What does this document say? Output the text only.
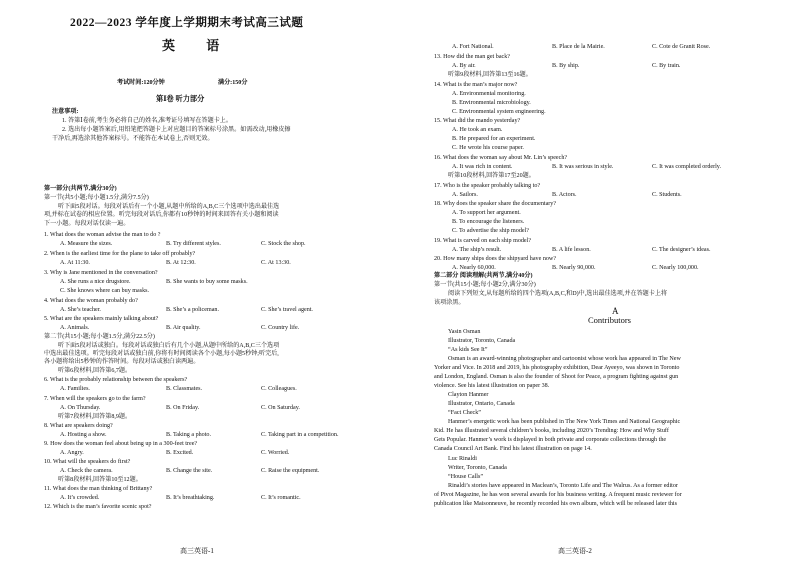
2022—2023 学年度上学期期末考试高三试题
英 语
考试时间:120分钟	满分:150分
第Ⅰ卷 听力部分
注意事项:
1. 答第Ⅰ卷前,考生务必将自己的姓名,准考证号填写在答题卡上。
2. 选出每小题答案后,用铅笔把答题卡上对应题目的答案标号涂黑。如需改动,用橡皮擦
干净后,再选涂其他答案标号。不能答在本试卷上,否则无效。
第一部分(共两节,满分30分)
第一节(共5小题;每小题1.5分,满分7.5分)
听下面5段对话。每段对话后有一个小题,从题中所给的A,B,C三个选项中选出最佳选
项,并标在试卷的相应位置。听完每段对话后,你都有10秒钟的时间来回答有关小题和阅读
下一小题。每段对话仅读一遍。
1. What does the woman advise the man to do ?
A. Measure the sizes.	B. Try different styles.	C. Stock the shop.
2. When is the earliest time for the plane to take off probably?
A. At 11:30.	B. At 12:30.	C. At 13:30.
3. Why is Jane mentioned in the conversation?
A. She runs a nice drugstore.	B. She wants to buy some masks.
C. She knows where can buy masks.
4. What does the woman probably do?
A. She’s teacher.	B. She’s a policeman.	C. She’s travel agent.
5. What are the speakers mainly talking about?
A. Animals.	B. Air quality.	C. Country life.
第二节(共15小题;每小题1.5分,满分22.5分)
听下面5段对话或独白。每段对话或独白后有几个小题,从题中所给的A,B,C三个选项
中选出最佳选项。听完每段对话或独白前,你将有时间阅读各个小题,每小题5秒钟;听完后,
各小题将给出5秒钟的作答时间。每段对话或独白读两遍。
听第6段材料,回答第6,7题。
6. What is the probably relationship between the speakers?
A. Families.	B. Classmates.	C. Colleagues.
7. When will the speakers go to the farm?
A. On Thursday.	B. On Friday.	C. On Saturday.
听第7段材料,回答第8,9题。
8. What are speakers doing?
A. Hosting a show.	B. Taking a photo.	C. Taking part in a competition.
9. How does the woman feel about being up in a 300-feet tree?
A. Angry.	B. Excited.	C. Worried.
10. What will the speakers do first?
A. Check the camera.	B. Change the site.	C. Raise the equipment.
听第8段材料,回答第10至12题。
11. What does the man thinking of Brittany?
A. It’s crowded.	B. It’s breathtaking.	C. It’s romantic.
12. Which is the man’s favorite scenic spot?
高三英语-1
A. Fort National.	B. Place de la Mairie.	C. Cote de Granit Rose.
13. How did the man get back?
A. By air.	B. By ship.	C. By train.
听第9段材料,回答第13至16题。
14. What is the man’s major now?
A. Environmental monitoring.
B. Environmental microbiology.
C. Environmental system engineering.
15. What did the mando yesterday?
A. He took an exam.
B. He prepared for an experiment.
C. He wrote his course paper.
16. What does the woman say about Mr. Lin’s speech?
A. It was rich in content.	B. It was serious in style.	C. It was completed orderly.
听第10段材料,回答第17至20题。
17. Who is the speaker probably talking to?
A. Sailors.	B. Actors.	C. Students.
18. Why does the speaker share the documentary?
A. To support her argument.
B. To encourage the listeners.
C. To advertise the ship model?
19. What is carved on each ship model?
A. The ship’s result.	B. A life lesson.	C. The designer’s ideas.
20. How many ships does the shipyard have now?
A. Nearly 60,000.	B. Nearly 90,000.	C. Nearly 100,000.
第二部分 阅读理解(共两节,满分40分)
第一节(共15小题;每小题2分,满分30分)
阅读下列短文,从每题所给的四个选项(A,B,C,和D)中,选出最佳选项,并在答题卡上将
该项涂黑。
A
Contributors
Yasin Osman
Illustrator, Toronto, Canada
“As kids See It”
Osman is an award-winning photographer and cartoonist whose work has appeared in The New
Yorker and Vice. In 2018 and 2019, his photography exhibition, Dear Ayeeyo, was shown in Toronto
and London, England. Osman is also the founder of Shoot for Peace, a program fighting against gun
violence. See his latest illustration on paper 38.
Clayton Hanmer
Illustrator, Ontario, Canada
“Fact Check”
Hanmer’s energetic work has been published in The New York Times and National Geographic
Kid. He has illustrated several children’s books, including 2020’s Trending: How and Why Stuff
Gets Popular. Hanmer’s work is displayed in both private and corporate collections through the
Canada Council Art Bank. Find his latest illustration on page 14.
Luc Rinaldi
Writer, Toronto, Canada
“House Calls”
Rinaldi’s stories have appeared in Maclean’s, Toronto Life and The Walrus. As a former editor
of Pivot Magazine, he has won several awards for his business writing. A frequent music reviewer for
publication like Maisonneuve, he recently recorded his own album, which will be released later this
高三英语-2
